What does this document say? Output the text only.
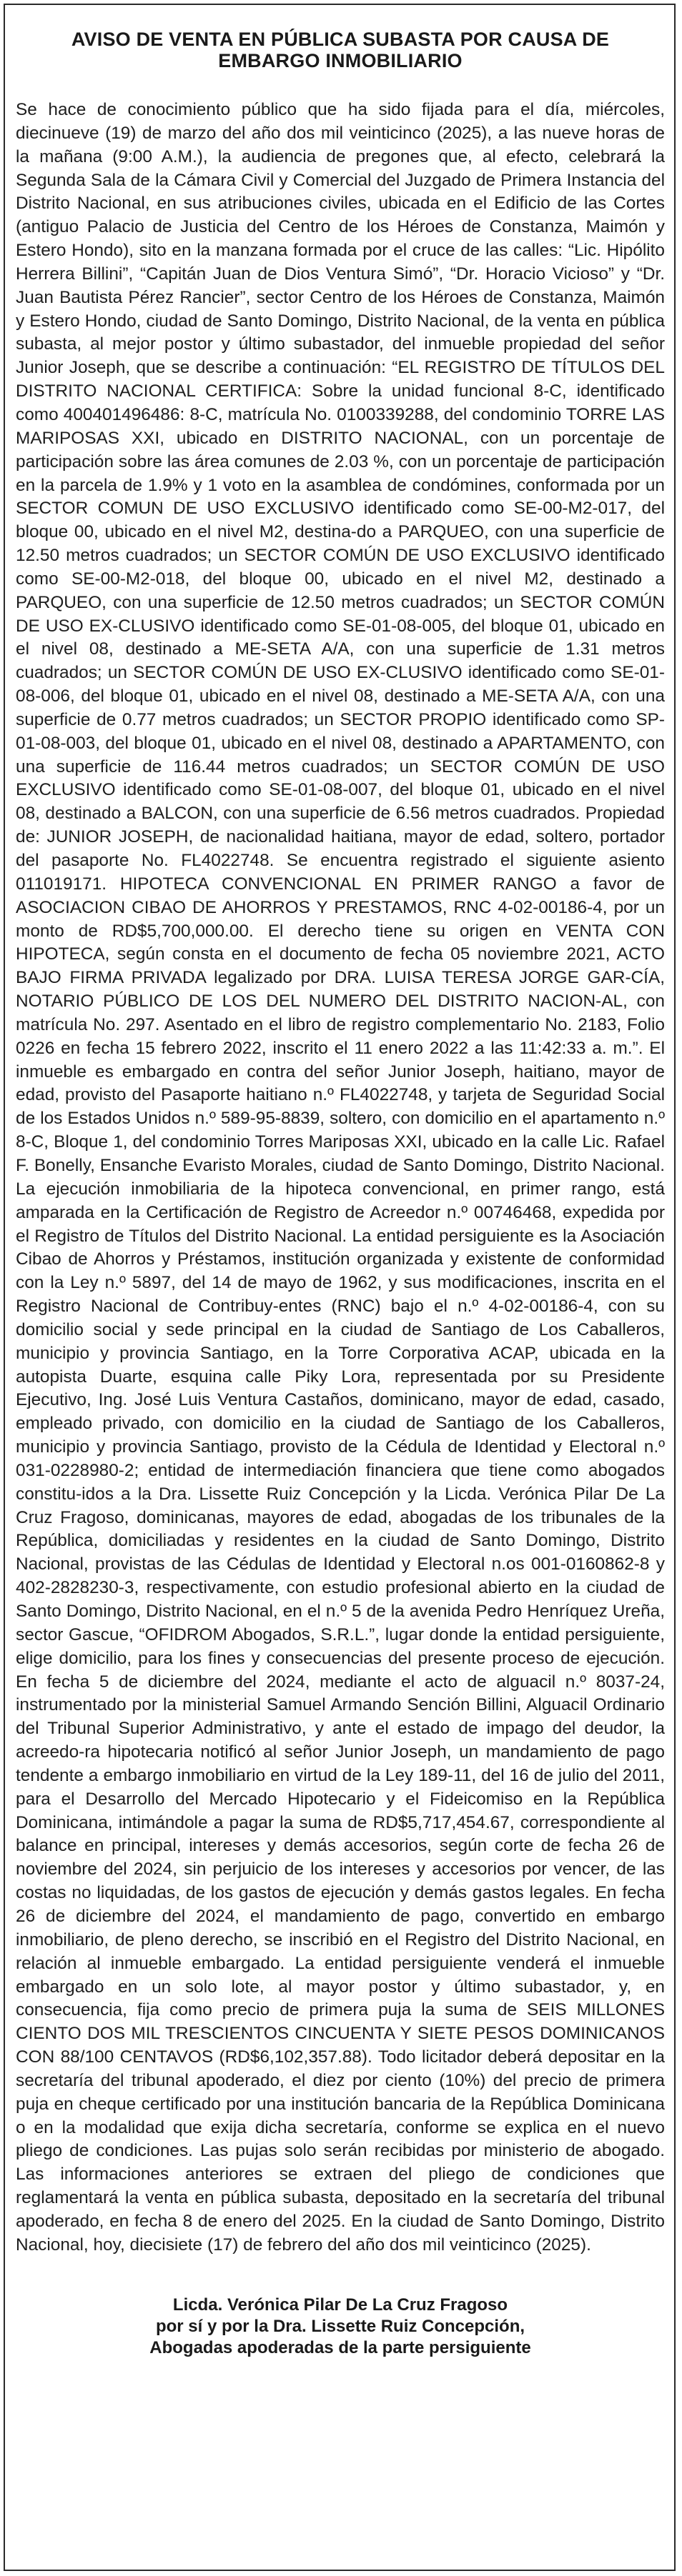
AVISO DE VENTA EN PÚBLICA SUBASTA POR CAUSA DE
EMBARGO INMOBILIARIO

Se hace de conocimiento público que ha sido fijada para el día, miércoles, diecinueve (19) de marzo del año dos mil veinticinco (2025), a las nueve horas de la mañana (9:00 A.M.), la audiencia de pregones que, al efecto, celebrará la Segunda Sala de la Cámara Civil y Comercial del Juzgado de Primera Instancia del Distrito Nacional, en sus atribuciones civiles, ubicada en el Edificio de las Cortes (antiguo Palacio de Justicia del Centro de los Héroes de Constanza, Maimón y Estero Hondo), sito en la manzana formada por el cruce de las calles: “Lic. Hipólito Herrera Billini”, “Capitán Juan de Dios Ventura Simó”, “Dr. Horacio Vicioso” y “Dr. Juan Bautista Pérez Rancier”, sector Centro de los Héroes de Constanza, Maimón y Estero Hondo, ciudad de Santo Domingo, Distrito Nacional, de la venta en pública subasta, al mejor postor y último subastador, del inmueble propiedad del señor Junior Joseph, que se describe a continuación: “EL REGISTRO DE TÍTULOS DEL DISTRITO NACIONAL CERTIFICA: Sobre la unidad funcional 8-C, identificado como 400401496486: 8-C, matrícula No. 0100339288, del condominio TORRE LAS MARIPOSAS XXI, ubicado en DISTRITO NACIONAL, con un porcentaje de participación sobre las área comunes de 2.03 %, con un porcentaje de participación en la parcela de 1.9% y 1 voto en la asamblea de condómines, conformada por un SECTOR COMUN DE USO EXCLUSIVO identificado como SE-00-M2-017, del bloque 00, ubicado en el nivel M2, destina-do a PARQUEO, con una superficie de 12.50 metros cuadrados; un SECTOR COMÚN DE USO EXCLUSIVO identificado como SE-00-M2-018, del bloque 00, ubicado en el nivel M2, destinado a PARQUEO, con una superficie de 12.50 metros cuadrados; un SECTOR COMÚN DE USO EX-CLUSIVO identificado como SE-01-08-005, del bloque 01, ubicado en el nivel 08, destinado a ME-SETA A/A, con una superficie de 1.31 metros cuadrados; un SECTOR COMÚN DE USO EX-CLUSIVO identificado como SE-01-08-006, del bloque 01, ubicado en el nivel 08, destinado a ME-SETA A/A, con una superficie de 0.77 metros cuadrados; un SECTOR PROPIO identificado como SP-01-08-003, del bloque 01, ubicado en el nivel 08, destinado a APARTAMENTO, con una superficie de 116.44 metros cuadrados; un SECTOR COMÚN DE USO EXCLUSIVO identificado como SE-01-08-007, del bloque 01, ubicado en el nivel 08, destinado a BALCON, con una superficie de 6.56 metros cuadrados. Propiedad de: JUNIOR JOSEPH, de nacionalidad haitiana, mayor de edad, soltero, portador del pasaporte No. FL4022748. Se encuentra registrado el siguiente asiento 011019171. HIPOTECA CONVENCIONAL EN PRIMER RANGO a favor de ASOCIACION CIBAO DE AHORROS Y PRESTAMOS, RNC 4-02-00186-4, por un monto de RD$5,700,000.00. El derecho tiene su origen en VENTA CON HIPOTECA, según consta en el documento de fecha 05 noviembre 2021, ACTO BAJO FIRMA PRIVADA legalizado por DRA. LUISA TERESA JORGE GAR-CÍA, NOTARIO PÚBLICO DE LOS DEL NUMERO DEL DISTRITO NACION-AL, con matrícula No. 297. Asentado en el libro de registro complementario No. 2183, Folio 0226 en fecha 15 febrero 2022, inscrito el 11 enero 2022 a las 11:42:33 a. m.”. El inmueble es embargado en contra del señor Junior Joseph, haitiano, mayor de edad, provisto del Pasaporte haitiano n.º FL4022748, y tarjeta de Seguridad Social de los Estados Unidos n.º 589-95-8839, soltero, con domicilio en el apartamento n.º 8-C, Bloque 1, del condominio Torres Mariposas XXI, ubicado en la calle Lic. Rafael F. Bonelly, Ensanche Evaristo Morales, ciudad de Santo Domingo, Distrito Nacional. La ejecución inmobiliaria de la hipoteca convencional, en primer rango, está amparada en la Certificación de Registro de Acreedor n.º 00746468, expedida por el Registro de Títulos del Distrito Nacional. La entidad persiguiente es la Asociación Cibao de Ahorros y Préstamos, institución organizada y existente de conformidad con la Ley n.º 5897, del 14 de mayo de 1962, y sus modificaciones, inscrita en el Registro Nacional de Contribuy-entes (RNC) bajo el n.º 4-02-00186-4, con su domicilio social y sede principal en la ciudad de Santiago de Los Caballeros, municipio y provincia Santiago, en la Torre Corporativa ACAP, ubicada en la autopista Duarte, esquina calle Piky Lora, representada por su Presidente Ejecutivo, Ing. José Luis Ventura Castaños, dominicano, mayor de edad, casado, empleado privado, con domicilio en la ciudad de Santiago de los Caballeros, municipio y provincia Santiago, provisto de la Cédula de Identidad y Electoral n.º 031-0228980-2; entidad de intermediación financiera que tiene como abogados constitu-idos a la Dra. Lissette Ruiz Concepción y la Licda. Verónica Pilar De La Cruz Fragoso, dominicanas, mayores de edad, abogadas de los tribunales de la República, domiciliadas y residentes en la ciudad de Santo Domingo, Distrito Nacional, provistas de las Cédulas de Identidad y Electoral n.os 001-0160862-8 y 402-2828230-3, respectivamente, con estudio profesional abierto en la ciudad de Santo Domingo, Distrito Nacional, en el n.º 5 de la avenida Pedro Henríquez Ureña, sector Gascue, “OFIDROM Abogados, S.R.L.”, lugar donde la entidad persiguiente, elige domicilio, para los fines y consecuencias del presente proceso de ejecución. En fecha 5 de diciembre del 2024, mediante el acto de alguacil n.º 8037-24, instrumentado por la ministerial Samuel Armando Sención Billini, Alguacil Ordinario del Tribunal Superior Administrativo, y ante el estado de impago del deudor, la acreedo-ra hipotecaria notificó al señor Junior Joseph, un mandamiento de pago tendente a embargo inmobiliario en virtud de la Ley 189-11, del 16 de julio del 2011, para el Desarrollo del Mercado Hipotecario y el Fideicomiso en la República Dominicana, intimándole a pagar la suma de RD$5,717,454.67, correspondiente al balance en principal, intereses y demás accesorios, según corte de fecha 26 de noviembre del 2024, sin perjuicio de los intereses y accesorios por vencer, de las costas no liquidadas, de los gastos de ejecución y demás gastos legales. En fecha 26 de diciembre del 2024, el mandamiento de pago, convertido en embargo inmobiliario, de pleno derecho, se inscribió en el Registro del Distrito Nacional, en relación al inmueble embargado. La entidad persiguiente venderá el inmueble embargado en un solo lote, al mayor postor y último subastador, y, en consecuencia, fija como precio de primera puja la suma de SEIS MILLONES CIENTO DOS MIL TRESCIENTOS CINCUENTA Y SIETE PESOS DOMINICANOS CON 88/100 CENTAVOS (RD$6,102,357.88). Todo licitador deberá depositar en la secretaría del tribunal apoderado, el diez por ciento (10%) del precio de primera puja en cheque certificado por una institución bancaria de la República Dominicana o en la modalidad que exija dicha secretaría, conforme se explica en el nuevo pliego de condiciones. Las pujas solo serán recibidas por ministerio de abogado. Las informaciones anteriores se extraen del pliego de condiciones que reglamentará la venta en pública subasta, depositado en la secretaría del tribunal apoderado, en fecha 8 de enero del 2025. En la ciudad de Santo Domingo, Distrito Nacional, hoy, diecisiete (17) de febrero del año dos mil veinticinco (2025).

Licda. Verónica Pilar De La Cruz Fragoso
por sí y por la Dra. Lissette Ruiz Concepción,
Abogadas apoderadas de la parte persiguiente
